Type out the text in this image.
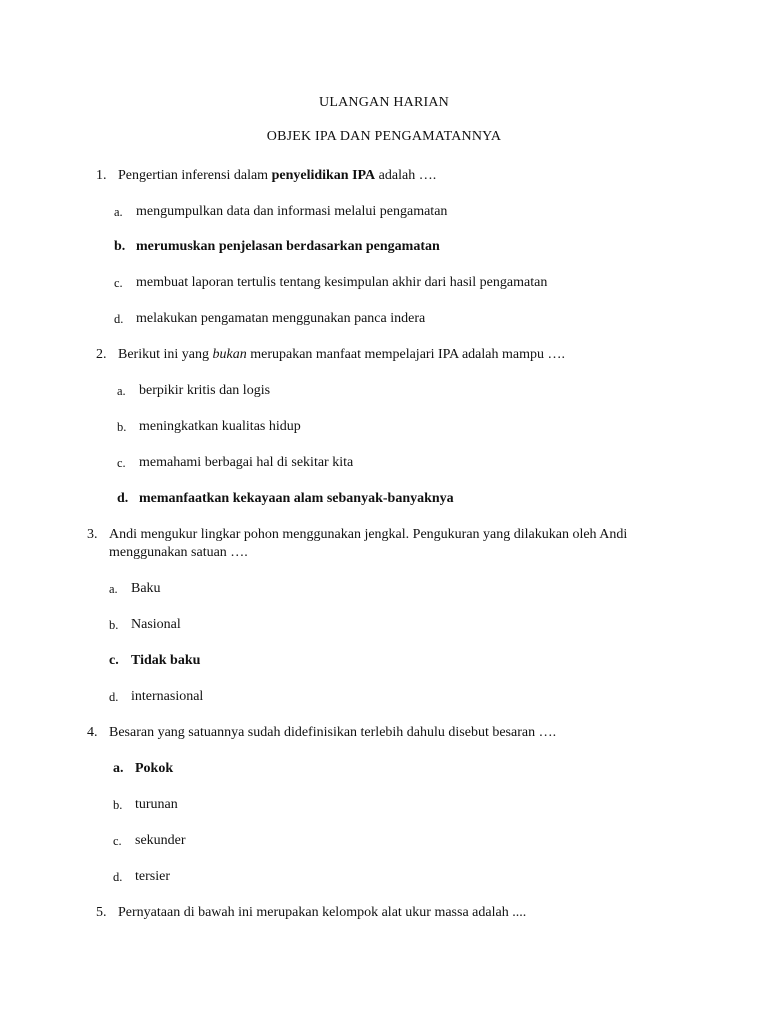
ULANGAN HARIAN
OBJEK IPA DAN PENGAMATANNYA
1. Pengertian inferensi dalam penyelidikan IPA adalah ….
a. mengumpulkan data dan informasi melalui pengamatan
b. merumuskan penjelasan berdasarkan pengamatan
c. membuat laporan tertulis tentang kesimpulan akhir dari hasil pengamatan
d. melakukan pengamatan menggunakan panca indera
2. Berikut ini yang bukan merupakan manfaat mempelajari IPA adalah mampu ….
a. berpikir kritis dan logis
b. meningkatkan kualitas hidup
c. memahami berbagai hal di sekitar kita
d. memanfaatkan kekayaan alam sebanyak-banyaknya
3. Andi mengukur lingkar pohon menggunakan jengkal. Pengukuran yang dilakukan oleh Andi
menggunakan satuan ….
a. Baku
b. Nasional
c. Tidak baku
d. internasional
4. Besaran yang satuannya sudah didefinisikan terlebih dahulu disebut besaran ….
a. Pokok
b. turunan
c. sekunder
d. tersier
5. Pernyataan di bawah ini merupakan kelompok alat ukur massa adalah ....
